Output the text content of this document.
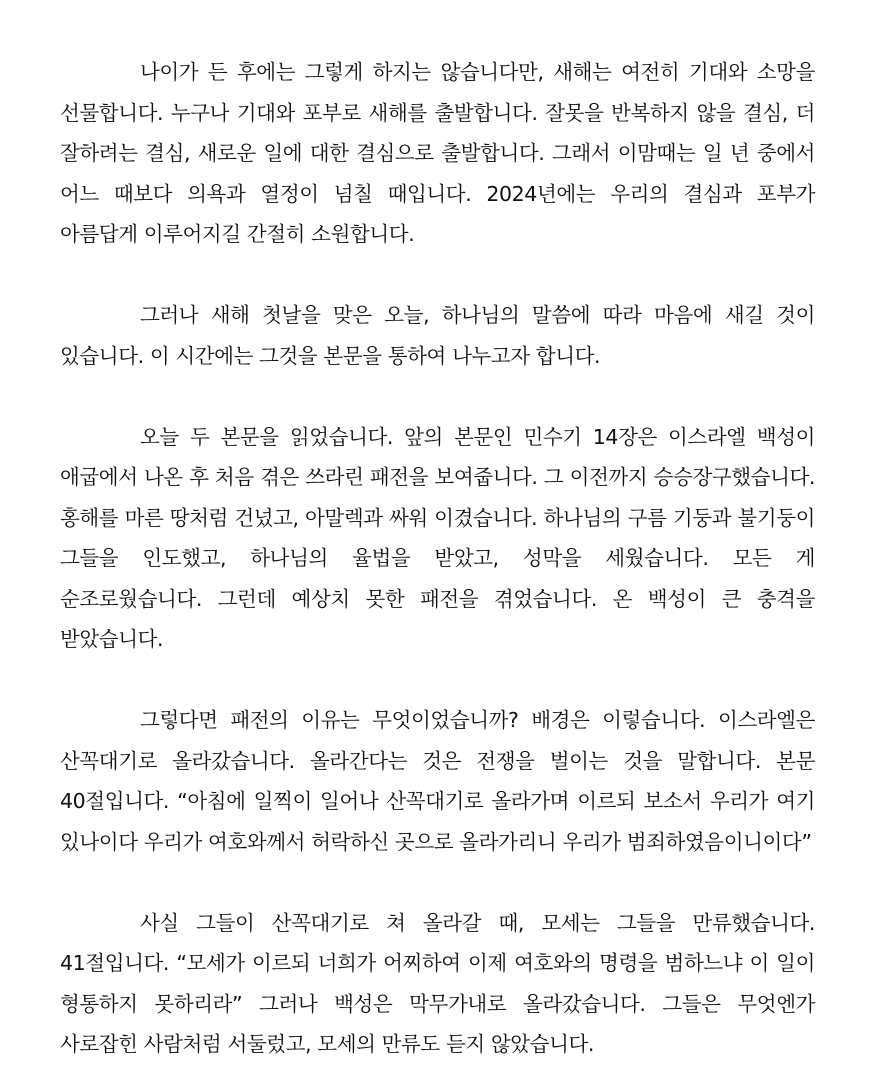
나이가 든 후에는 그렇게 하지는 않습니다만, 새해는 여전히 기대와 소망을 선물합니다. 누구나 기대와 포부로 새해를 출발합니다. 잘못을 반복하지 않을 결심, 더 잘하려는 결심, 새로운 일에 대한 결심으로 출발합니다. 그래서 이맘때는 일 년 중에서 어느 때보다 의욕과 열정이 넘칠 때입니다. 2024년에는 우리의 결심과 포부가 아름답게 이루어지길 간절히 소원합니다.

그러나 새해 첫날을 맞은 오늘, 하나님의 말씀에 따라 마음에 새길 것이 있습니다. 이 시간에는 그것을 본문을 통하여 나누고자 합니다.

오늘 두 본문을 읽었습니다. 앞의 본문인 민수기 14장은 이스라엘 백성이 애굽에서 나온 후 처음 겪은 쓰라린 패전을 보여줍니다. 그 이전까지 승승장구했습니다. 홍해를 마른 땅처럼 건넜고, 아말렉과 싸워 이겼습니다. 하나님의 구름 기둥과 불기둥이 그들을 인도했고, 하나님의 율법을 받았고, 성막을 세웠습니다. 모든 게 순조로웠습니다. 그런데 예상치 못한 패전을 겪었습니다. 온 백성이 큰 충격을 받았습니다.

그렇다면 패전의 이유는 무엇이었습니까? 배경은 이렇습니다. 이스라엘은 산꼭대기로 올라갔습니다. 올라간다는 것은 전쟁을 벌이는 것을 말합니다. 본문 40절입니다. “아침에 일찍이 일어나 산꼭대기로 올라가며 이르되 보소서 우리가 여기 있나이다 우리가 여호와께서 허락하신 곳으로 올라가리니 우리가 범죄하였음이니이다”

사실 그들이 산꼭대기로 쳐 올라갈 때, 모세는 그들을 만류했습니다. 41절입니다. “모세가 이르되 너희가 어찌하여 이제 여호와의 명령을 범하느냐 이 일이 형통하지 못하리라” 그러나 백성은 막무가내로 올라갔습니다. 그들은 무엇엔가 사로잡힌 사람처럼 서둘렀고, 모세의 만류도 듣지 않았습니다.
